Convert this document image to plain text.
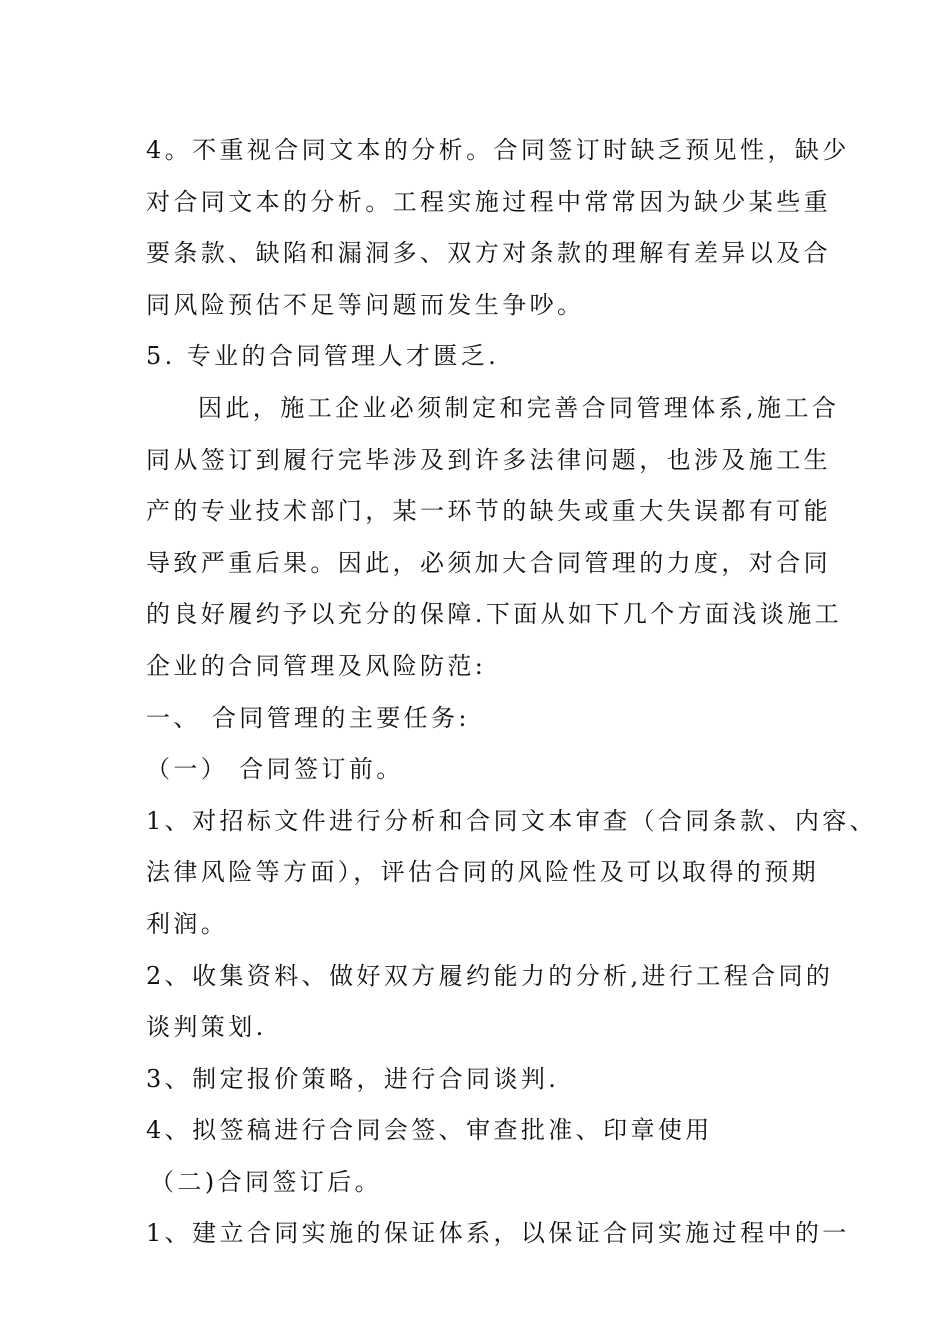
4。不重视合同文本的分析。合同签订时缺乏预见性，缺少
对合同文本的分析。工程实施过程中常常因为缺少某些重
要条款、缺陷和漏洞多、双方对条款的理解有差异以及合
同风险预估不足等问题而发生争吵。
5. 专业的合同管理人才匮乏.
因此，施工企业必须制定和完善合同管理体系,施工合
同从签订到履行完毕涉及到许多法律问题，也涉及施工生
产的专业技术部门，某一环节的缺失或重大失误都有可能
导致严重后果。因此，必须加大合同管理的力度，对合同
的良好履约予以充分的保障.下面从如下几个方面浅谈施工
企业的合同管理及风险防范:
一、 合同管理的主要任务:
（一） 合同签订前。
1、对招标文件进行分析和合同文本审查（合同条款、内容、
法律风险等方面），评估合同的风险性及可以取得的预期
利润。
2、收集资料、做好双方履约能力的分析,进行工程合同的
谈判策划.
3、制定报价策略，进行合同谈判.
4、拟签稿进行合同会签、审查批准、印章使用
（二)合同签订后。
1、建立合同实施的保证体系，以保证合同实施过程中的一
